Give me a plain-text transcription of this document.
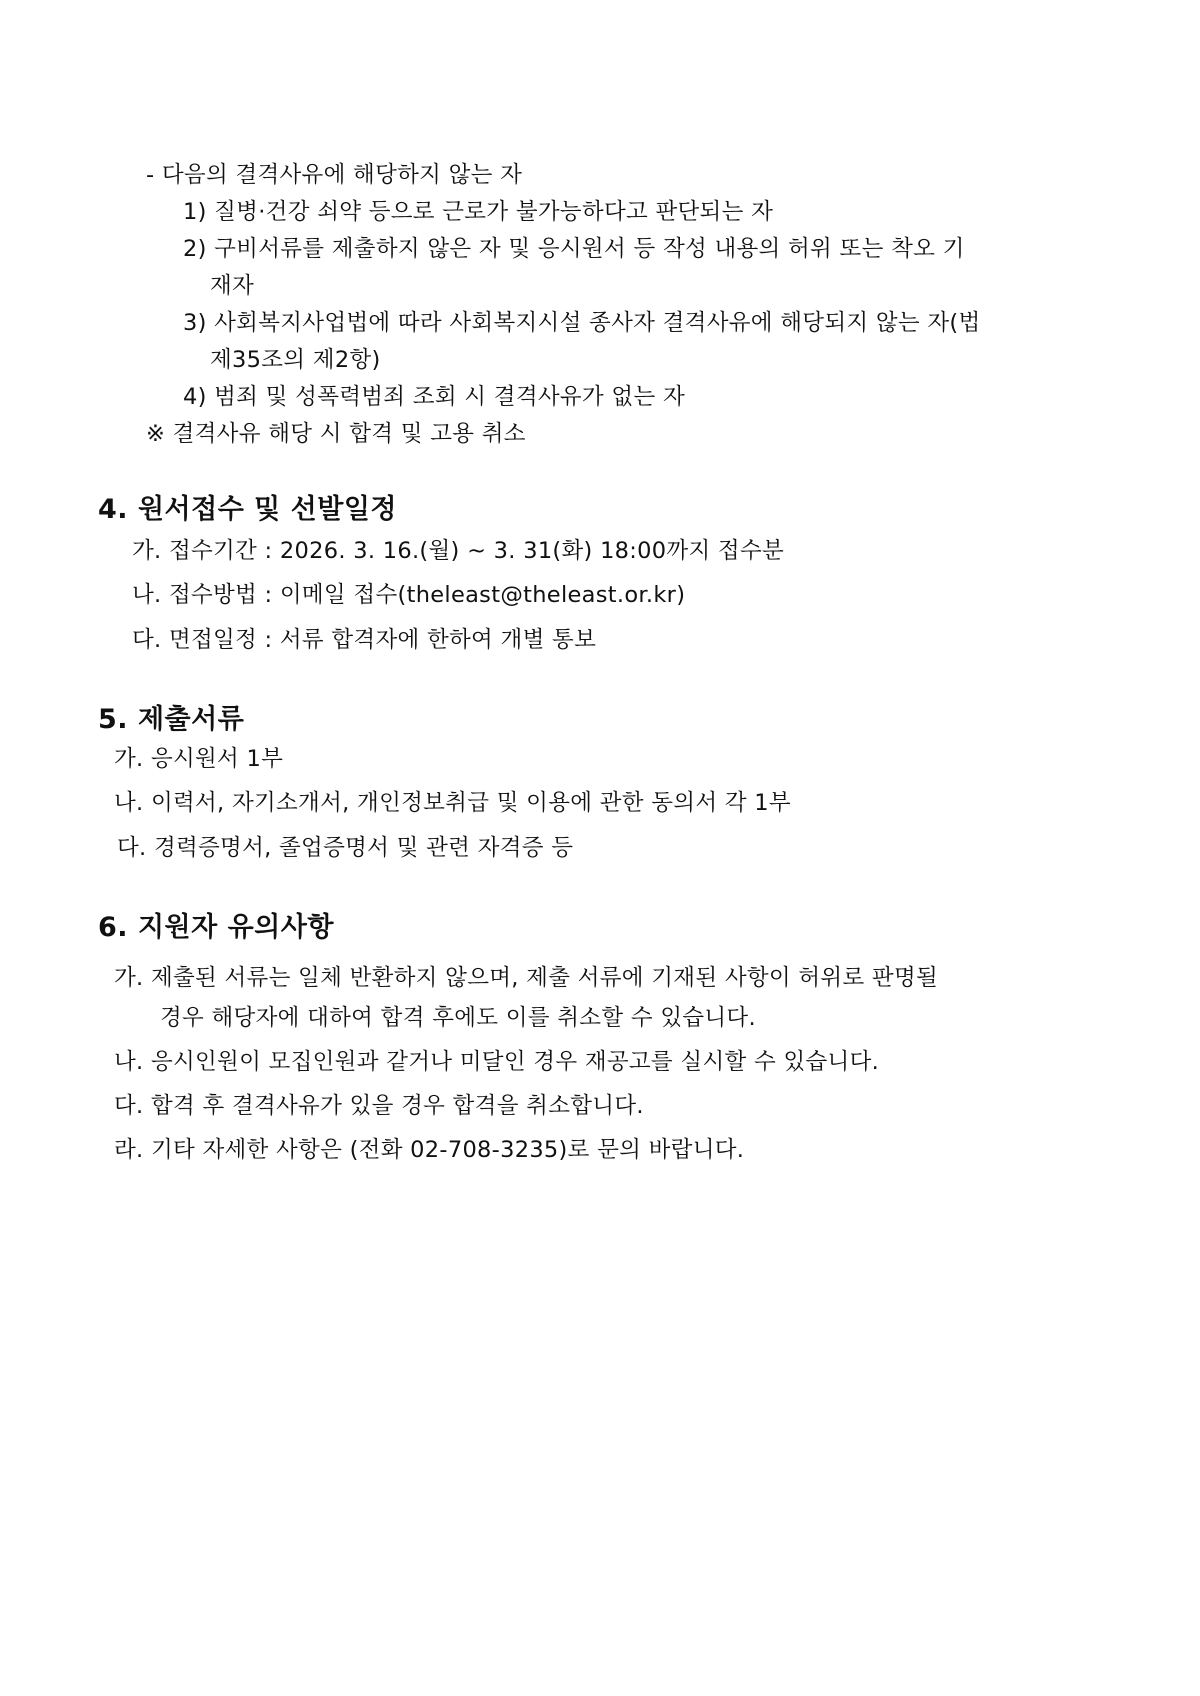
- 다음의 결격사유에 해당하지 않는 자
1) 질병·건강 쇠약 등으로 근로가 불가능하다고 판단되는 자
2) 구비서류를 제출하지 않은 자 및 응시원서 등 작성 내용의 허위 또는 착오 기
재자
3) 사회복지사업법에 따라 사회복지시설 종사자 결격사유에 해당되지 않는 자(법
제35조의 제2항)
4) 범죄 및 성폭력범죄 조회 시 결격사유가 없는 자
※ 결격사유 해당 시 합격 및 고용 취소
4. 원서접수 및 선발일정
가. 접수기간 : 2026. 3. 16.(월) ~ 3. 31(화) 18:00까지 접수분
나. 접수방법 : 이메일 접수(theleast@theleast.or.kr)
다. 면접일정 : 서류 합격자에 한하여 개별 통보
5. 제출서류
가. 응시원서 1부
나. 이력서, 자기소개서, 개인정보취급 및 이용에 관한 동의서 각 1부
다. 경력증명서, 졸업증명서 및 관련 자격증 등
6. 지원자 유의사항
가. 제출된 서류는 일체 반환하지 않으며, 제출 서류에 기재된 사항이 허위로 판명될
경우 해당자에 대하여 합격 후에도 이를 취소할 수 있습니다.
나. 응시인원이 모집인원과 같거나 미달인 경우 재공고를 실시할 수 있습니다.
다. 합격 후 결격사유가 있을 경우 합격을 취소합니다.
라. 기타 자세한 사항은 (전화 02-708-3235)로 문의 바랍니다.
